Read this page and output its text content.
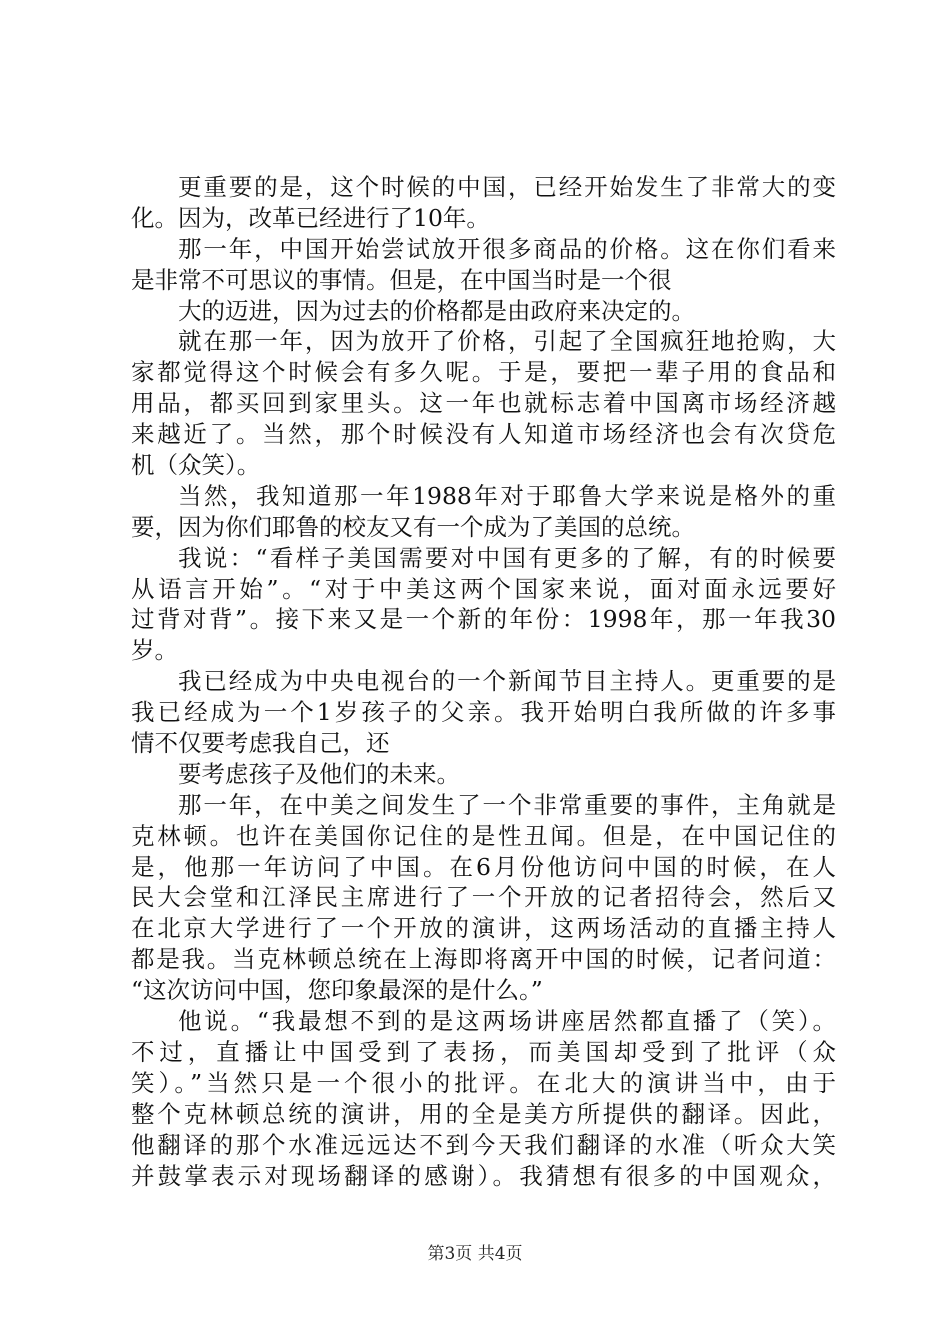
更重要的是，这个时候的中国，已经开始发生了非常大的变
化。因为，改革已经进行了10年。
那一年，中国开始尝试放开很多商品的价格。这在你们看来
是非常不可思议的事情。但是，在中国当时是一个很
大的迈进，因为过去的价格都是由政府来决定的。
就在那一年，因为放开了价格，引起了全国疯狂地抢购，大
家都觉得这个时候会有多久呢。于是，要把一辈子用的食品和
用品，都买回到家里头。这一年也就标志着中国离市场经济越
来越近了。当然，那个时候没有人知道市场经济也会有次贷危
机（众笑）。
当然，我知道那一年1988年对于耶鲁大学来说是格外的重
要，因为你们耶鲁的校友又有一个成为了美国的总统。
我说：“看样子美国需要对中国有更多的了解，有的时候要
从语言开始”。“对于中美这两个国家来说，面对面永远要好
过背对背”。接下来又是一个新的年份：1998年，那一年我30
岁。
我已经成为中央电视台的一个新闻节目主持人。更重要的是
我已经成为一个1岁孩子的父亲。我开始明白我所做的许多事
情不仅要考虑我自己，还
要考虑孩子及他们的未来。
那一年，在中美之间发生了一个非常重要的事件，主角就是
克林顿。也许在美国你记住的是性丑闻。但是，在中国记住的
是，他那一年访问了中国。在6月份他访问中国的时候，在人
民大会堂和江泽民主席进行了一个开放的记者招待会，然后又
在北京大学进行了一个开放的演讲，这两场活动的直播主持人
都是我。当克林顿总统在上海即将离开中国的时候，记者问道：
“这次访问中国，您印象最深的是什么。”
他说。“我最想不到的是这两场讲座居然都直播了（笑）。
不过，直播让中国受到了表扬，而美国却受到了批评（众
笑）。”当然只是一个很小的批评。在北大的演讲当中，由于
整个克林顿总统的演讲，用的全是美方所提供的翻译。因此，
他翻译的那个水准远远达不到今天我们翻译的水准（听众大笑
并鼓掌表示对现场翻译的感谢）。我猜想有很多的中国观众，
第3页 共4页
